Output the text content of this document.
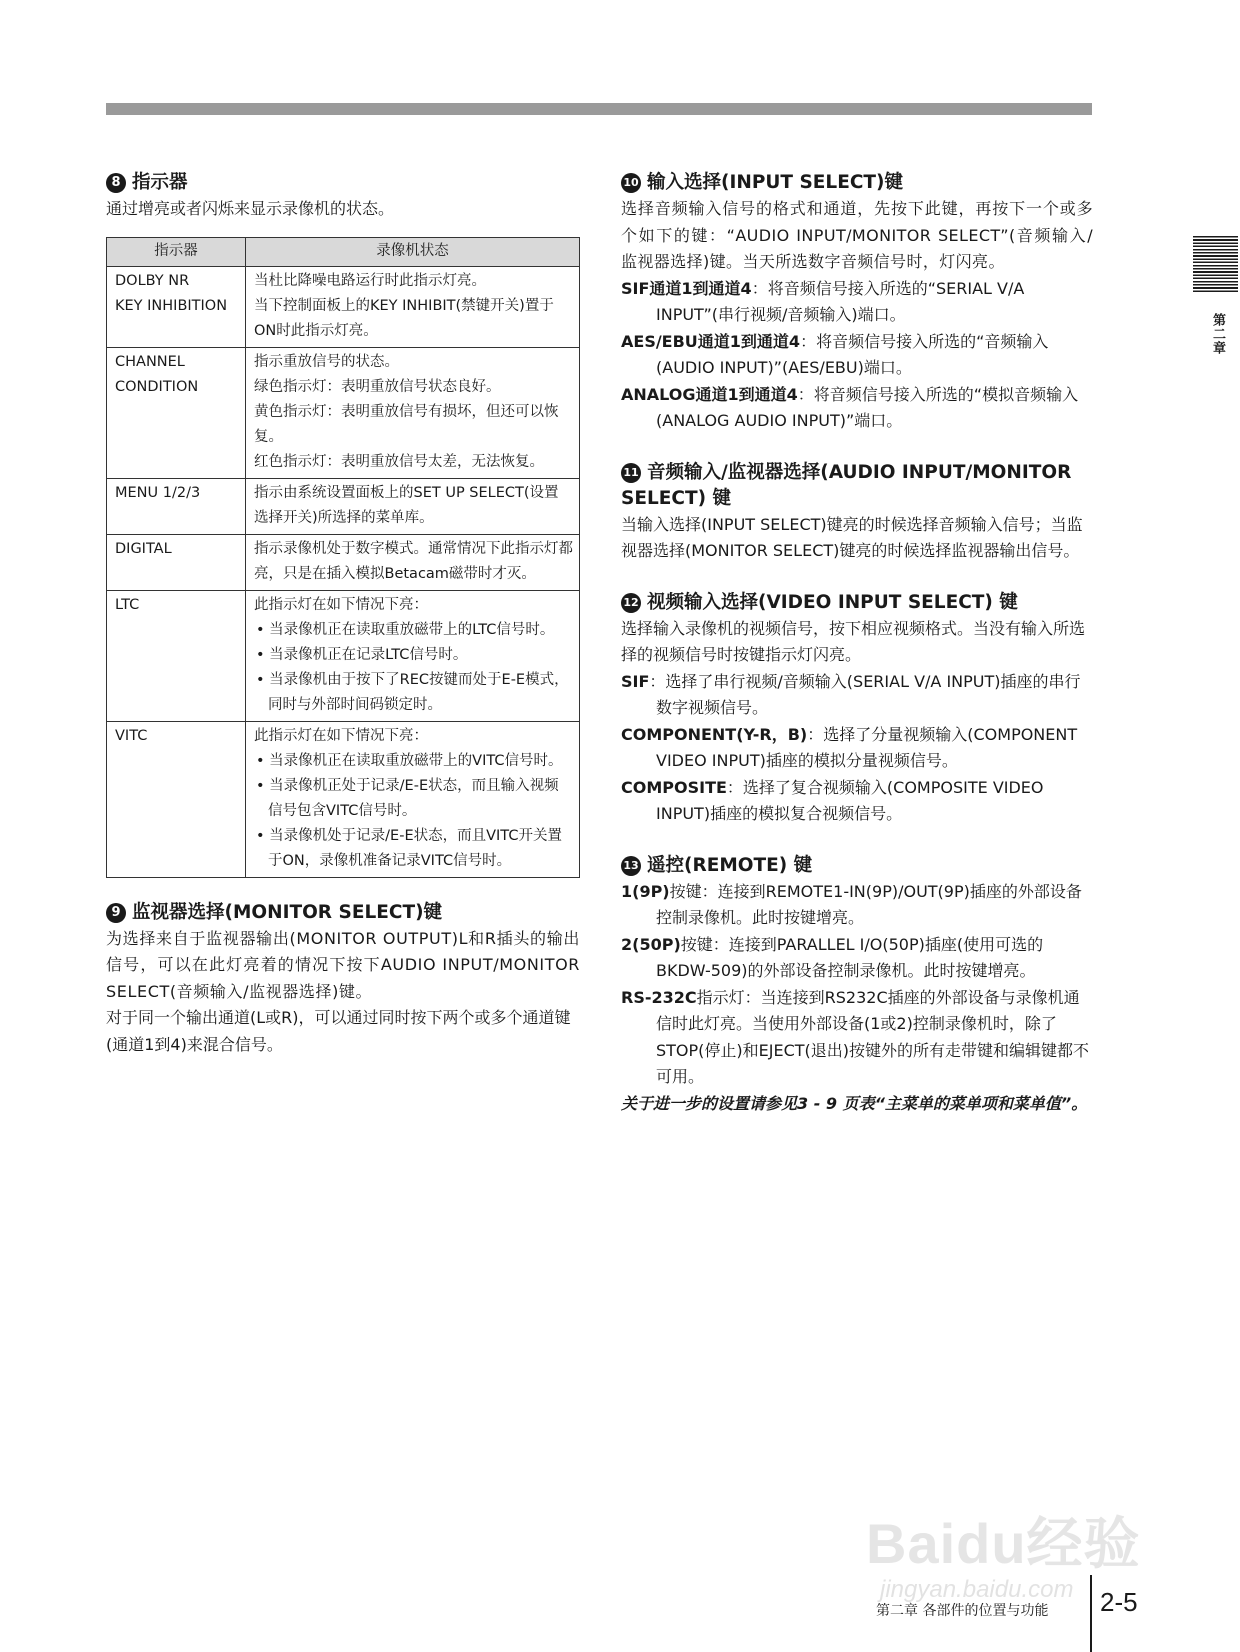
第二章

8 指示器

通过增亮或者闪烁来显示录像机的状态。

指示器	录像机状态

DOLBY NR
KEY INHIBITION	当杜比降噪电路运行时此指示灯亮。
当下控制面板上的KEY INHIBIT(禁键开关)置于ON时此指示灯亮。

CHANNEL
CONDITION	指示重放信号的状态。
绿色指示灯：表明重放信号状态良好。
黄色指示灯：表明重放信号有损坏，但还可以恢复。
红色指示灯：表明重放信号太差，无法恢复。

MENU 1/2/3	指示由系统设置面板上的SET UP SELECT(设置选择开关)所选择的菜单库。

DIGITAL	指示录像机处于数字模式。通常情况下此指示灯都亮，只是在插入模拟Betacam磁带时才灭。

LTC	此指示灯在如下情况下亮：
• 当录像机正在读取重放磁带上的LTC信号时。
• 当录像机正在记录LTC信号时。
• 当录像机由于按下了REC按键而处于E-E模式，同时与外部时间码锁定时。

VITC	此指示灯在如下情况下亮：
• 当录像机正在读取重放磁带上的VITC信号时。
• 当录像机正处于记录/E-E状态，而且输入视频信号包含VITC信号时。
• 当录像机处于记录/E-E状态，而且VITC开关置于ON，录像机准备记录VITC信号时。

9 监视器选择(MONITOR SELECT)键

为选择来自于监视器输出(MONITOR OUTPUT)L和R插头的输出信号，可以在此灯亮着的情况下按下AUDIO INPUT/MONITOR SELECT(音频输入/监视器选择)键。

对于同一个输出通道(L或R)，可以通过同时按下两个或多个通道键(通道1到4)来混合信号。

10 输入选择(INPUT SELECT)键

选择音频输入信号的格式和通道，先按下此键，再按下一个或多个如下的键：“AUDIO INPUT/MONITOR SELECT”(音频输入/监视器选择)键。当天所选数字音频信号时，灯闪亮。

SIF通道1到通道4：将音频信号接入所选的“SERIAL V/A INPUT”(串行视频/音频输入)端口。

AES/EBU通道1到通道4：将音频信号接入所选的“音频输入(AUDIO INPUT)”(AES/EBU)端口。

ANALOG通道1到通道4：将音频信号接入所选的“模拟音频输入(ANALOG AUDIO INPUT)”端口。

11 音频输入/监视器选择(AUDIO INPUT/MONITOR SELECT) 键

当输入选择(INPUT SELECT)键亮的时候选择音频输入信号；当监视器选择(MONITOR SELECT)键亮的时候选择监视器输出信号。

12 视频输入选择(VIDEO INPUT SELECT) 键

选择输入录像机的视频信号，按下相应视频格式。当没有输入所选择的视频信号时按键指示灯闪亮。

SIF：选择了串行视频/音频输入(SERIAL V/A INPUT)插座的串行数字视频信号。

COMPONENT(Y-R，B)：选择了分量视频输入(COMPONENT VIDEO INPUT)插座的模拟分量视频信号。

COMPOSITE：选择了复合视频输入(COMPOSITE VIDEO INPUT)插座的模拟复合视频信号。

13 遥控(REMOTE) 键

1(9P)按键：连接到REMOTE1-IN(9P)/OUT(9P)插座的外部设备控制录像机。此时按键增亮。

2(50P)按键：连接到PARALLEL I/O(50P)插座(使用可选的BKDW-509)的外部设备控制录像机。此时按键增亮。

RS-232C指示灯：当连接到RS232C插座的外部设备与录像机通信时此灯亮。当使用外部设备(1或2)控制录像机时，除了STOP(停止)和EJECT(退出)按键外的所有走带键和编辑键都不可用。

关于进一步的设置请参见3 - 9 页表“主菜单的菜单项和菜单值”。

Baidu经验
jingyan.baidu.com
第二章 各部件的位置与功能 2-5
